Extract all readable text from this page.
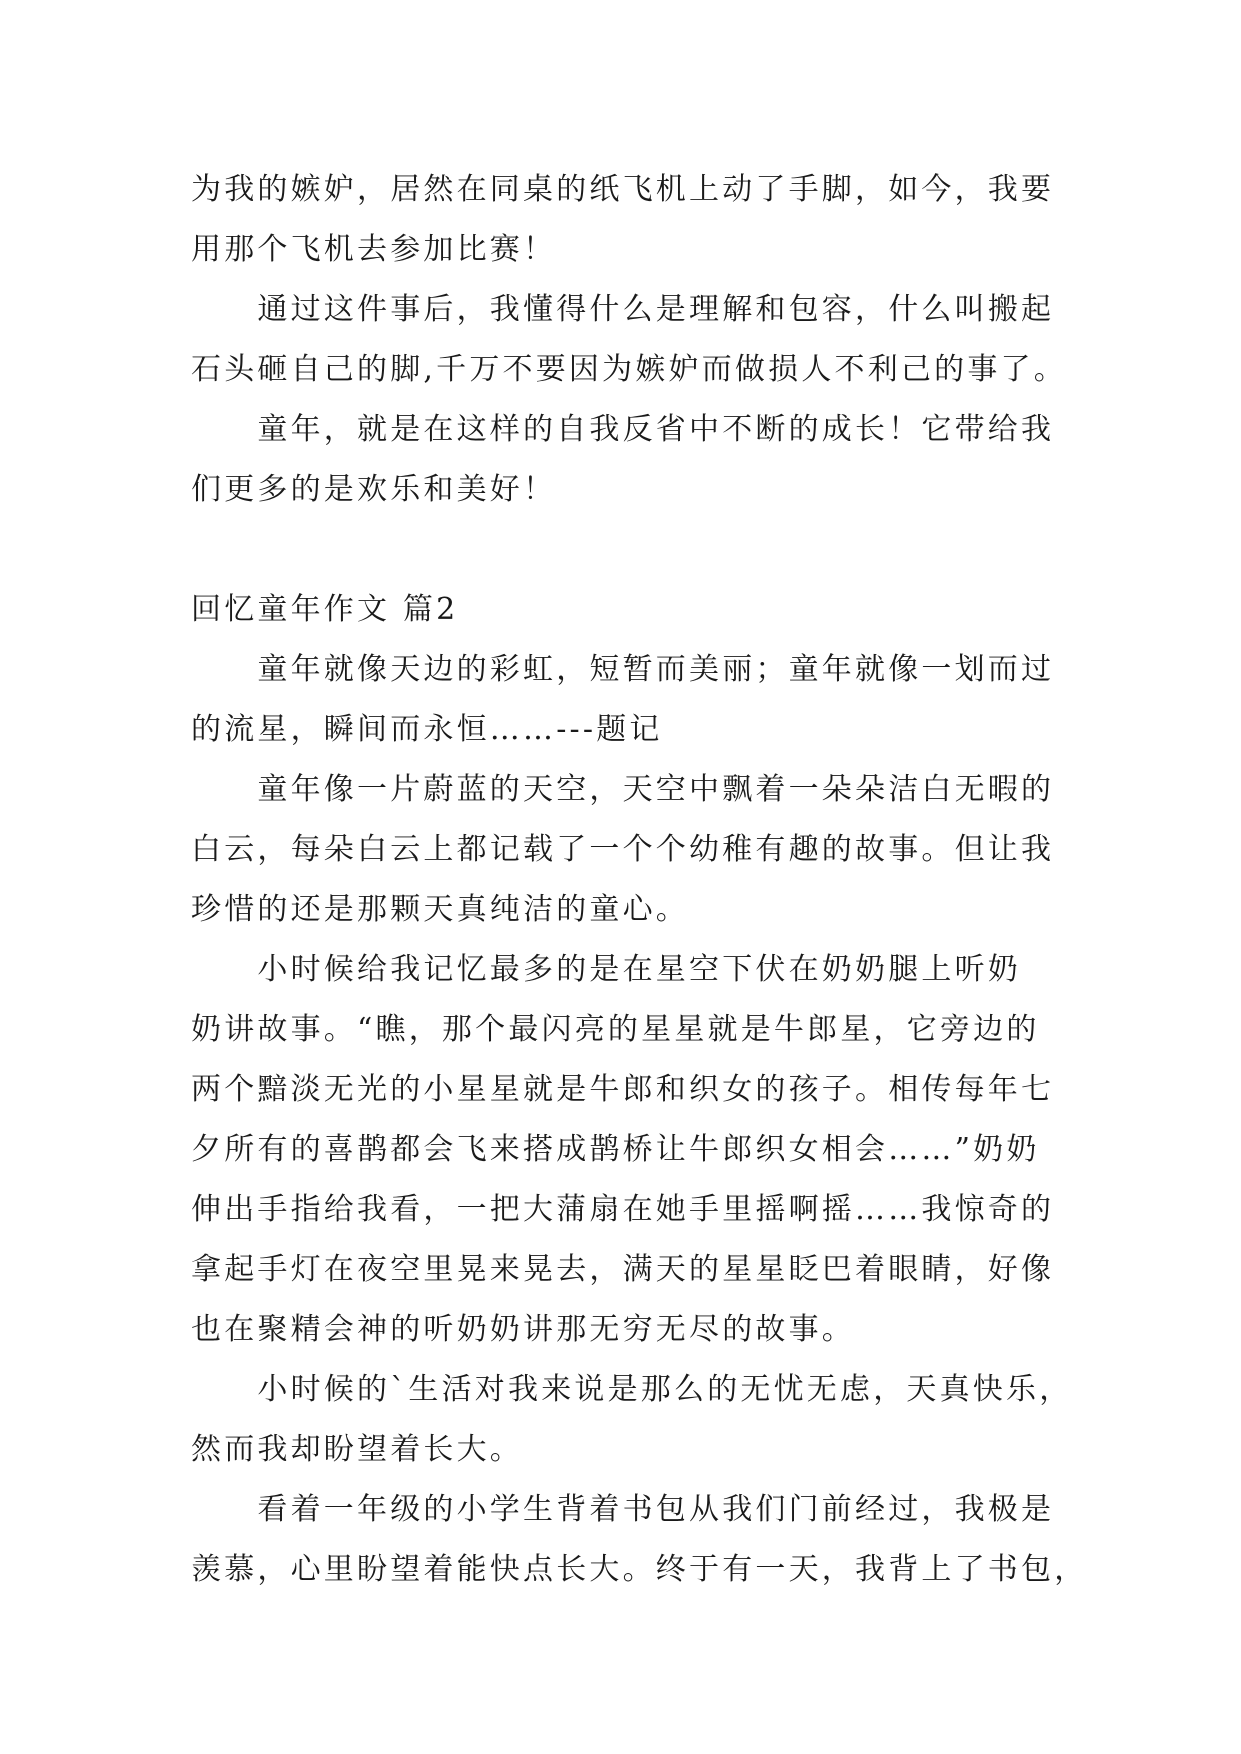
为我的嫉妒，居然在同桌的纸飞机上动了手脚，如今，我要
用那个飞机去参加比赛！
　　通过这件事后，我懂得什么是理解和包容，什么叫搬起
石头砸自己的脚,千万不要因为嫉妒而做损人不利己的事了。
　　童年，就是在这样的自我反省中不断的成长！它带给我
们更多的是欢乐和美好！
回忆童年作文 篇2
　　童年就像天边的彩虹，短暂而美丽；童年就像一划而过
的流星，瞬间而永恒……---题记
　　童年像一片蔚蓝的天空，天空中飘着一朵朵洁白无暇的
白云，每朵白云上都记载了一个个幼稚有趣的故事。但让我
珍惜的还是那颗天真纯洁的童心。
　　小时候给我记忆最多的是在星空下伏在奶奶腿上听奶
奶讲故事。“瞧，那个最闪亮的星星就是牛郎星，它旁边的
两个黯淡无光的小星星就是牛郎和织女的孩子。相传每年七
夕所有的喜鹊都会飞来搭成鹊桥让牛郎织女相会……”奶奶
伸出手指给我看，一把大蒲扇在她手里摇啊摇……我惊奇的
拿起手灯在夜空里晃来晃去，满天的星星眨巴着眼睛，好像
也在聚精会神的听奶奶讲那无穷无尽的故事。
　　小时候的`生活对我来说是那么的无忧无虑，天真快乐，
然而我却盼望着长大。
　　看着一年级的小学生背着书包从我们门前经过，我极是
羡慕，心里盼望着能快点长大。终于有一天，我背上了书包，
